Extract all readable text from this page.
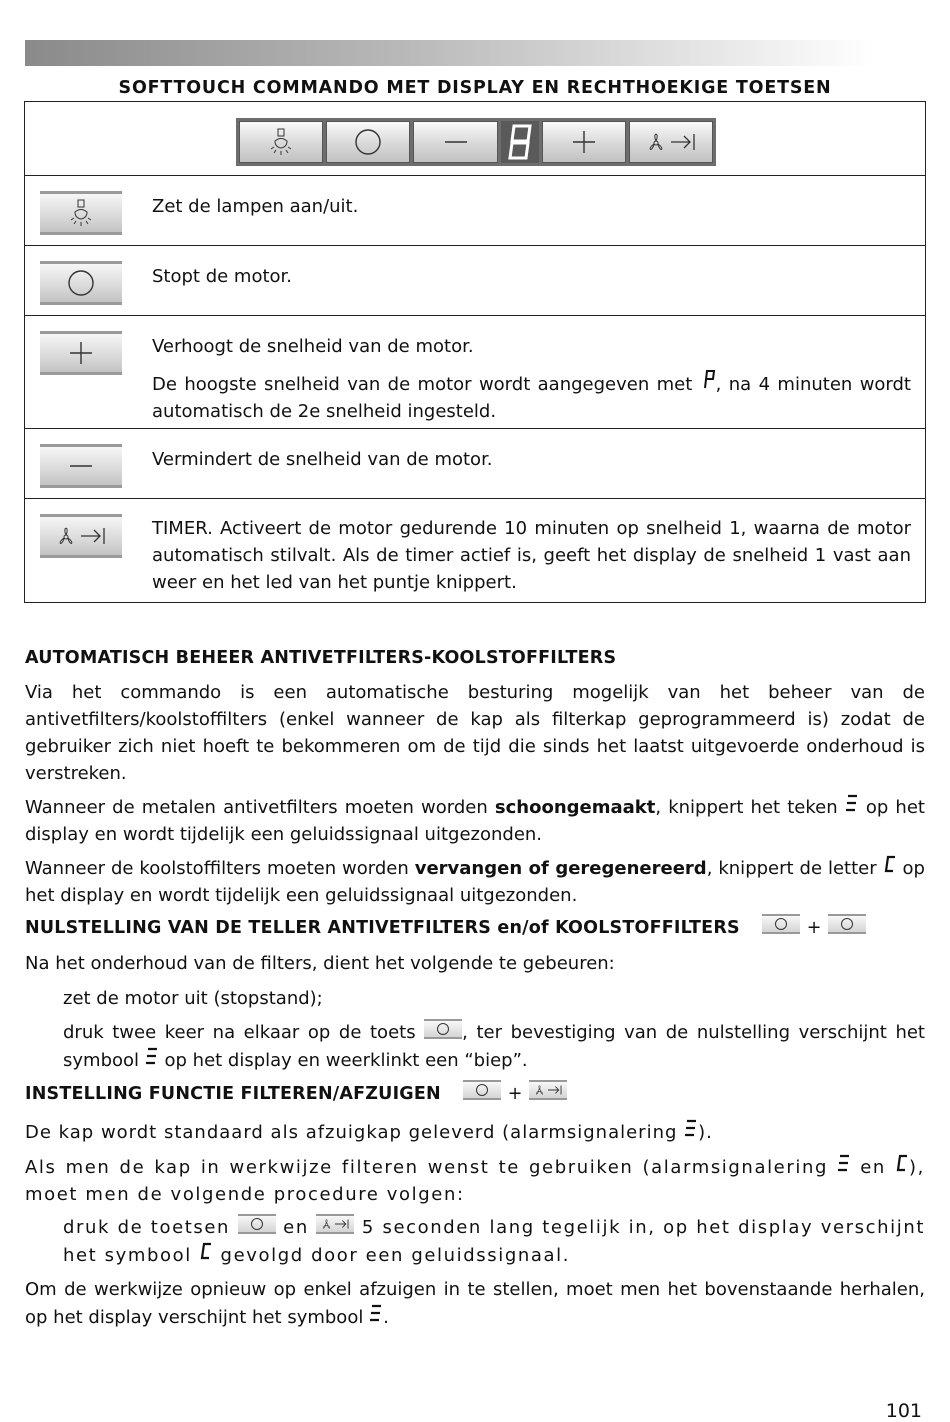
SOFTTOUCH COMMANDO MET DISPLAY EN RECHTHOEKIGE TOETSEN
Zet de lampen aan/uit.
Stopt de motor.

Verhoogt de snelheid van de motor.

De hoogste snelheid van de motor wordt aangegeven met , na 4 minuten wordt automatisch de 2e snelheid ingesteld.

Vermindert de snelheid van de motor.
TIMER. Activeert de motor gedurende 10 minuten op snelheid 1, waarna de motor automatisch stilvalt. Als de timer actief is, geeft het display de snelheid 1 vast aan weer en het led van het puntje knippert.
AUTOMATISCH BEHEER ANTIVETFILTERS-KOOLSTOFFILTERS
Via het commando is een automatische besturing mogelijk van het beheer van de antivetfilters/koolstoffilters (enkel wanneer de kap als filterkap geprogrammeerd is) zodat de gebruiker zich niet hoeft te bekommeren om de tijd die sinds het laatst uitgevoerde onderhoud is verstreken.
Wanneer de metalen antivetfilters moeten worden schoongemaakt, knippert het teken op het display en wordt tijdelijk een geluidssignaal uitgezonden.
Wanneer de koolstoffilters moeten worden vervangen of geregenereerd, knippert de letter op het display en wordt tijdelijk een geluidssignaal uitgezonden.
NULSTELLING VAN DE TELLER ANTIVETFILTERS en/of KOOLSTOFFILTERS	+
Na het onderhoud van de filters, dient het volgende te gebeuren:
zet de motor uit (stopstand);
druk twee keer na elkaar op de toets	, ter bevestiging van de nulstelling verschijnt het symbool op het display en weerklinkt een “biep”.
INSTELLING FUNCTIE FILTEREN/AFZUIGEN	+
De kap wordt standaard als afzuigkap geleverd (alarmsignalering ).
Als men de kap in werkwijze filteren wenst te gebruiken (alarmsignalering en ), moet men de volgende procedure volgen:
druk de toetsen	en	5 seconden lang tegelijk in, op het display verschijnt het symbool gevolgd door een geluidssignaal.
Om de werkwijze opnieuw op enkel afzuigen in te stellen, moet men het bovenstaande herhalen, op het display verschijnt het symbool .
101
